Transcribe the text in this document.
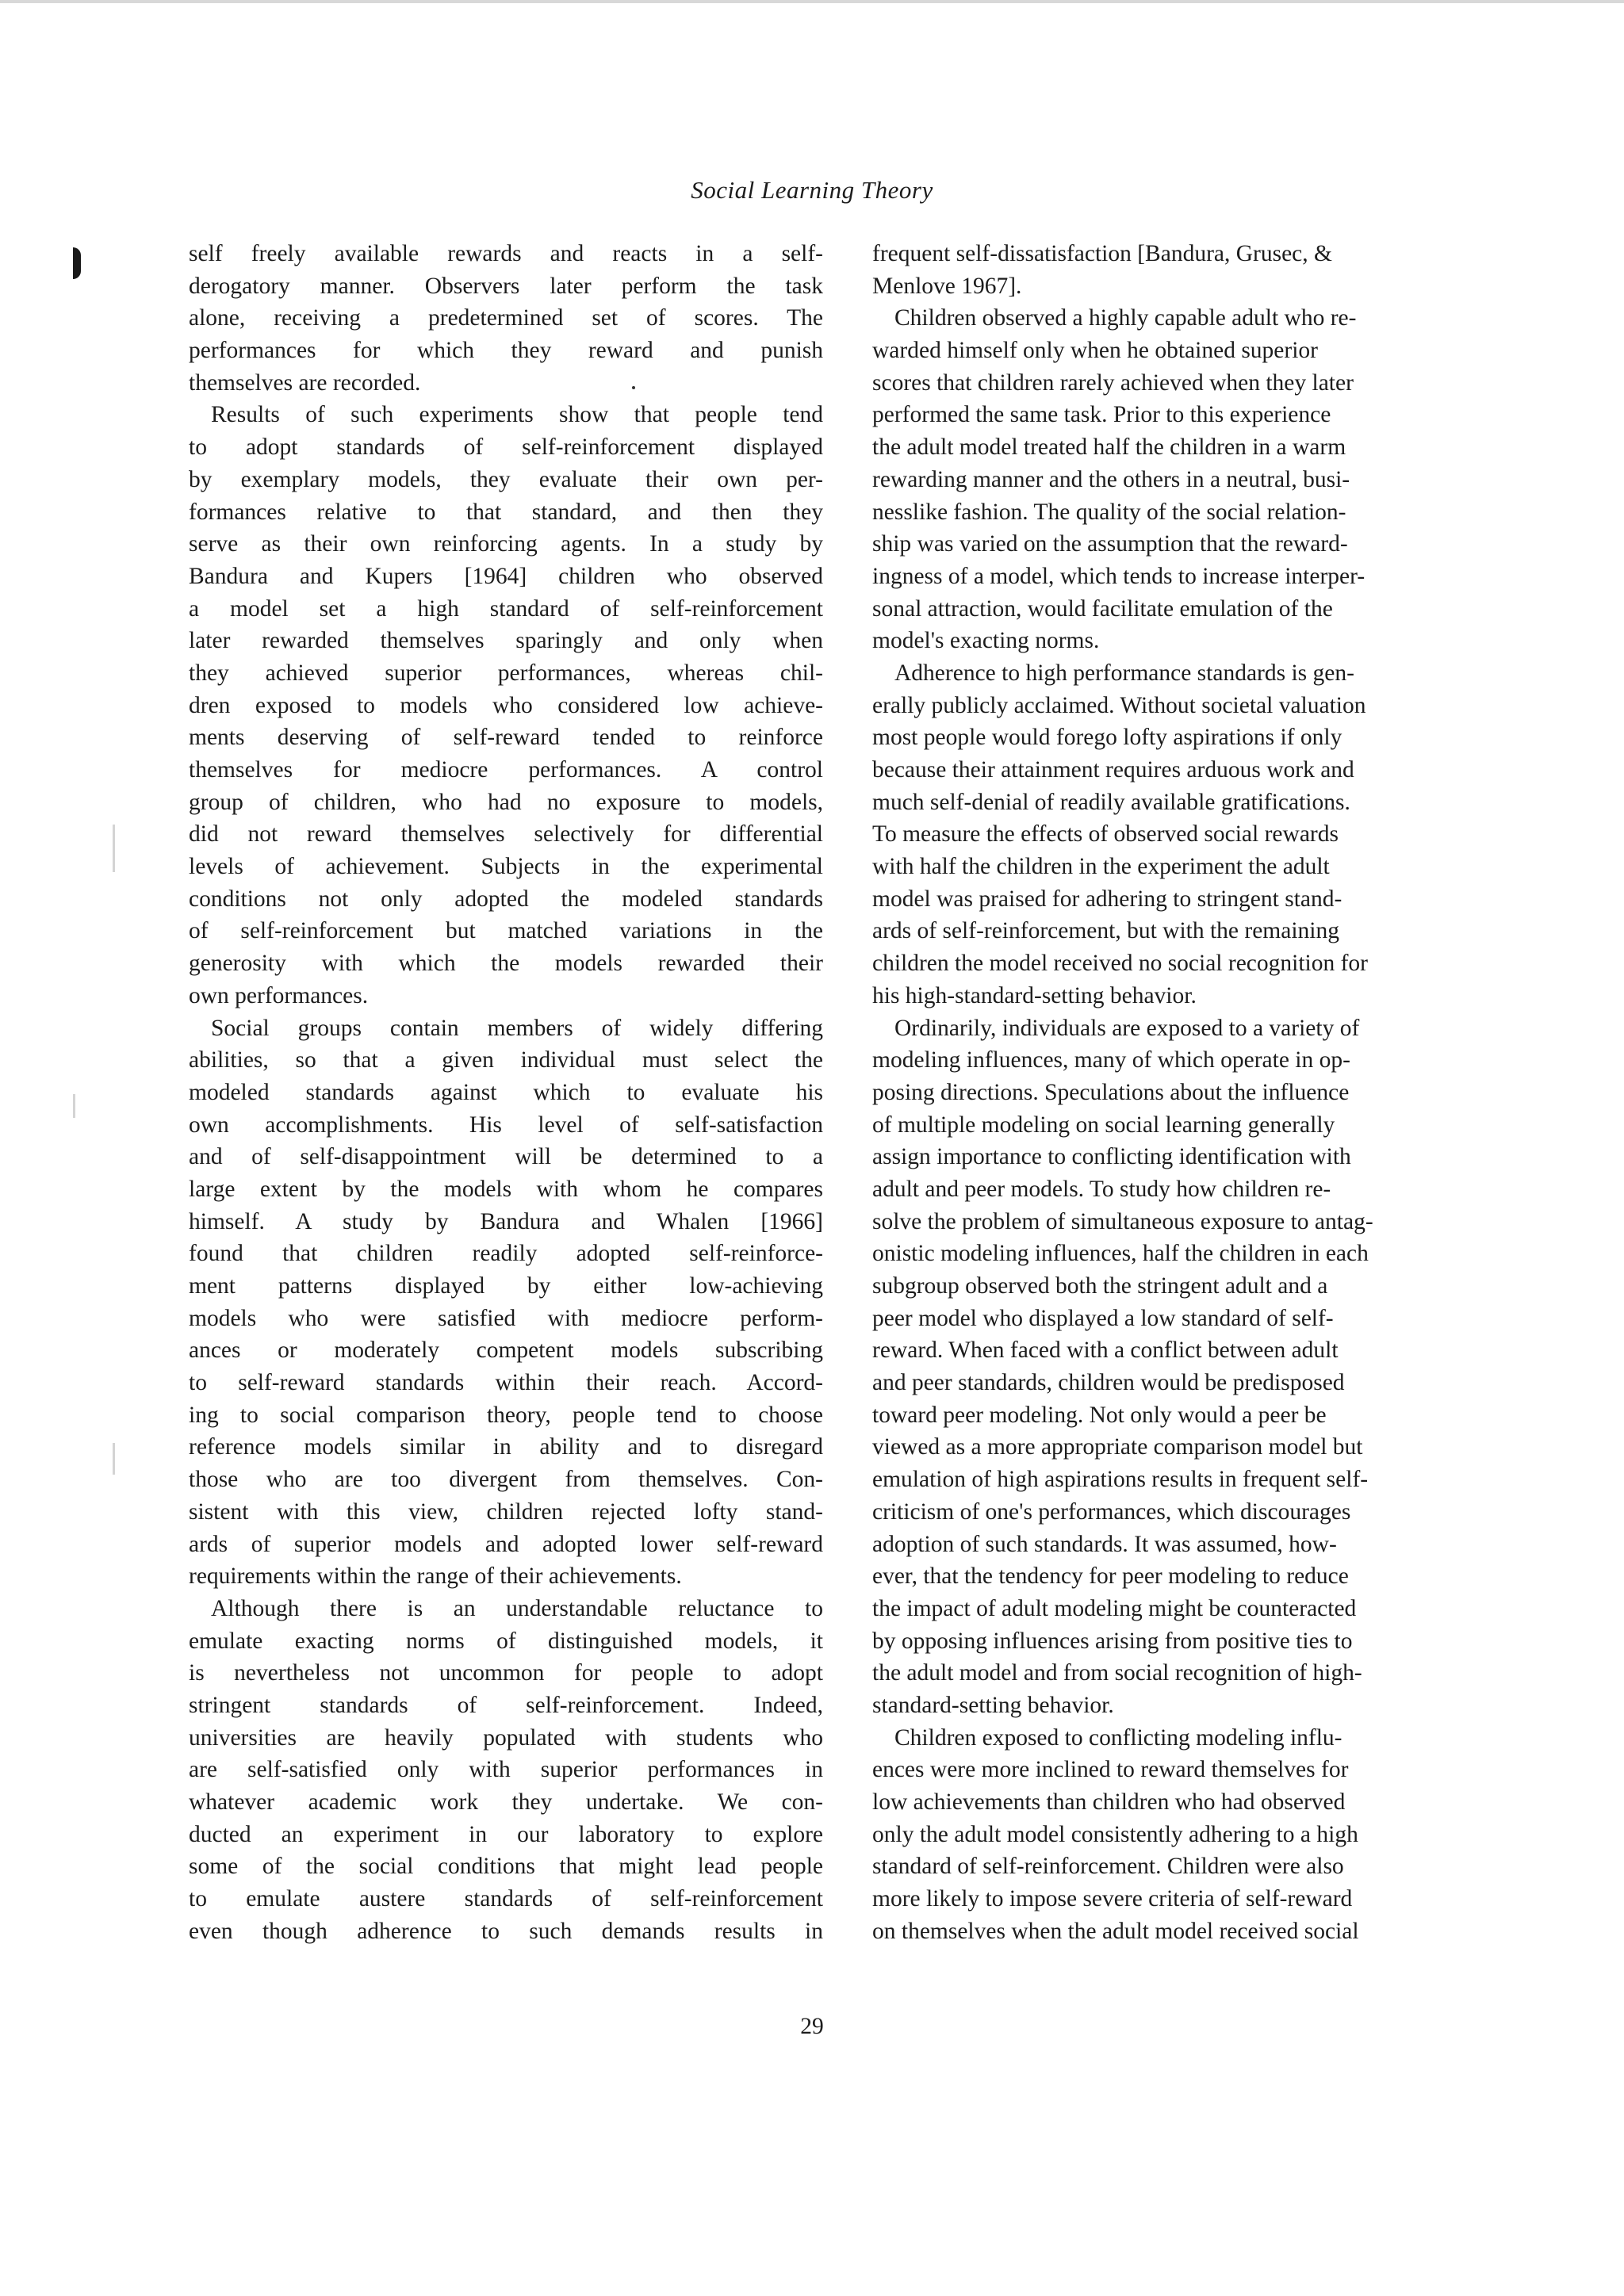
Social Learning Theory
self freely available rewards and reacts in a self-
derogatory manner. Observers later perform the task
alone, receiving a predetermined set of scores. The
performances for which they reward and punish
themselves are recorded.
Results of such experiments show that people tend
to adopt standards of self-reinforcement displayed
by exemplary models, they evaluate their own per-
formances relative to that standard, and then they
serve as their own reinforcing agents. In a study by
Bandura and Kupers [1964] children who observed
a model set a high standard of self-reinforcement
later rewarded themselves sparingly and only when
they achieved superior performances, whereas chil-
dren exposed to models who considered low achieve-
ments deserving of self-reward tended to reinforce
themselves for mediocre performances. A control
group of children, who had no exposure to models,
did not reward themselves selectively for differential
levels of achievement. Subjects in the experimental
conditions not only adopted the modeled standards
of self-reinforcement but matched variations in the
generosity with which the models rewarded their
own performances.
Social groups contain members of widely differing
abilities, so that a given individual must select the
modeled standards against which to evaluate his
own accomplishments. His level of self-satisfaction
and of self-disappointment will be determined to a
large extent by the models with whom he compares
himself. A study by Bandura and Whalen [1966]
found that children readily adopted self-reinforce-
ment patterns displayed by either low-achieving
models who were satisfied with mediocre perform-
ances or moderately competent models subscribing
to self-reward standards within their reach. Accord-
ing to social comparison theory, people tend to choose
reference models similar in ability and to disregard
those who are too divergent from themselves. Con-
sistent with this view, children rejected lofty stand-
ards of superior models and adopted lower self-reward
requirements within the range of their achievements.
Although there is an understandable reluctance to
emulate exacting norms of distinguished models, it
is nevertheless not uncommon for people to adopt
stringent standards of self-reinforcement. Indeed,
universities are heavily populated with students who
are self-satisfied only with superior performances in
whatever academic work they undertake. We con-
ducted an experiment in our laboratory to explore
some of the social conditions that might lead people
to emulate austere standards of self-reinforcement
even though adherence to such demands results in
frequent self-dissatisfaction [Bandura, Grusec, &
Menlove 1967].
Children observed a highly capable adult who re-
warded himself only when he obtained superior
scores that children rarely achieved when they later
performed the same task. Prior to this experience
the adult model treated half the children in a warm
rewarding manner and the others in a neutral, busi-
nesslike fashion. The quality of the social relation-
ship was varied on the assumption that the reward-
ingness of a model, which tends to increase interper-
sonal attraction, would facilitate emulation of the
model's exacting norms.
Adherence to high performance standards is gen-
erally publicly acclaimed. Without societal valuation
most people would forego lofty aspirations if only
because their attainment requires arduous work and
much self-denial of readily available gratifications.
To measure the effects of observed social rewards
with half the children in the experiment the adult
model was praised for adhering to stringent stand-
ards of self-reinforcement, but with the remaining
children the model received no social recognition for
his high-standard-setting behavior.
Ordinarily, individuals are exposed to a variety of
modeling influences, many of which operate in op-
posing directions. Speculations about the influence
of multiple modeling on social learning generally
assign importance to conflicting identification with
adult and peer models. To study how children re-
solve the problem of simultaneous exposure to antag-
onistic modeling influences, half the children in each
subgroup observed both the stringent adult and a
peer model who displayed a low standard of self-
reward. When faced with a conflict between adult
and peer standards, children would be predisposed
toward peer modeling. Not only would a peer be
viewed as a more appropriate comparison model but
emulation of high aspirations results in frequent self-
criticism of one's performances, which discourages
adoption of such standards. It was assumed, how-
ever, that the tendency for peer modeling to reduce
the impact of adult modeling might be counteracted
by opposing influences arising from positive ties to
the adult model and from social recognition of high-
standard-setting behavior.
Children exposed to conflicting modeling influ-
ences were more inclined to reward themselves for
low achievements than children who had observed
only the adult model consistently adhering to a high
standard of self-reinforcement. Children were also
more likely to impose severe criteria of self-reward
on themselves when the adult model received social
29
